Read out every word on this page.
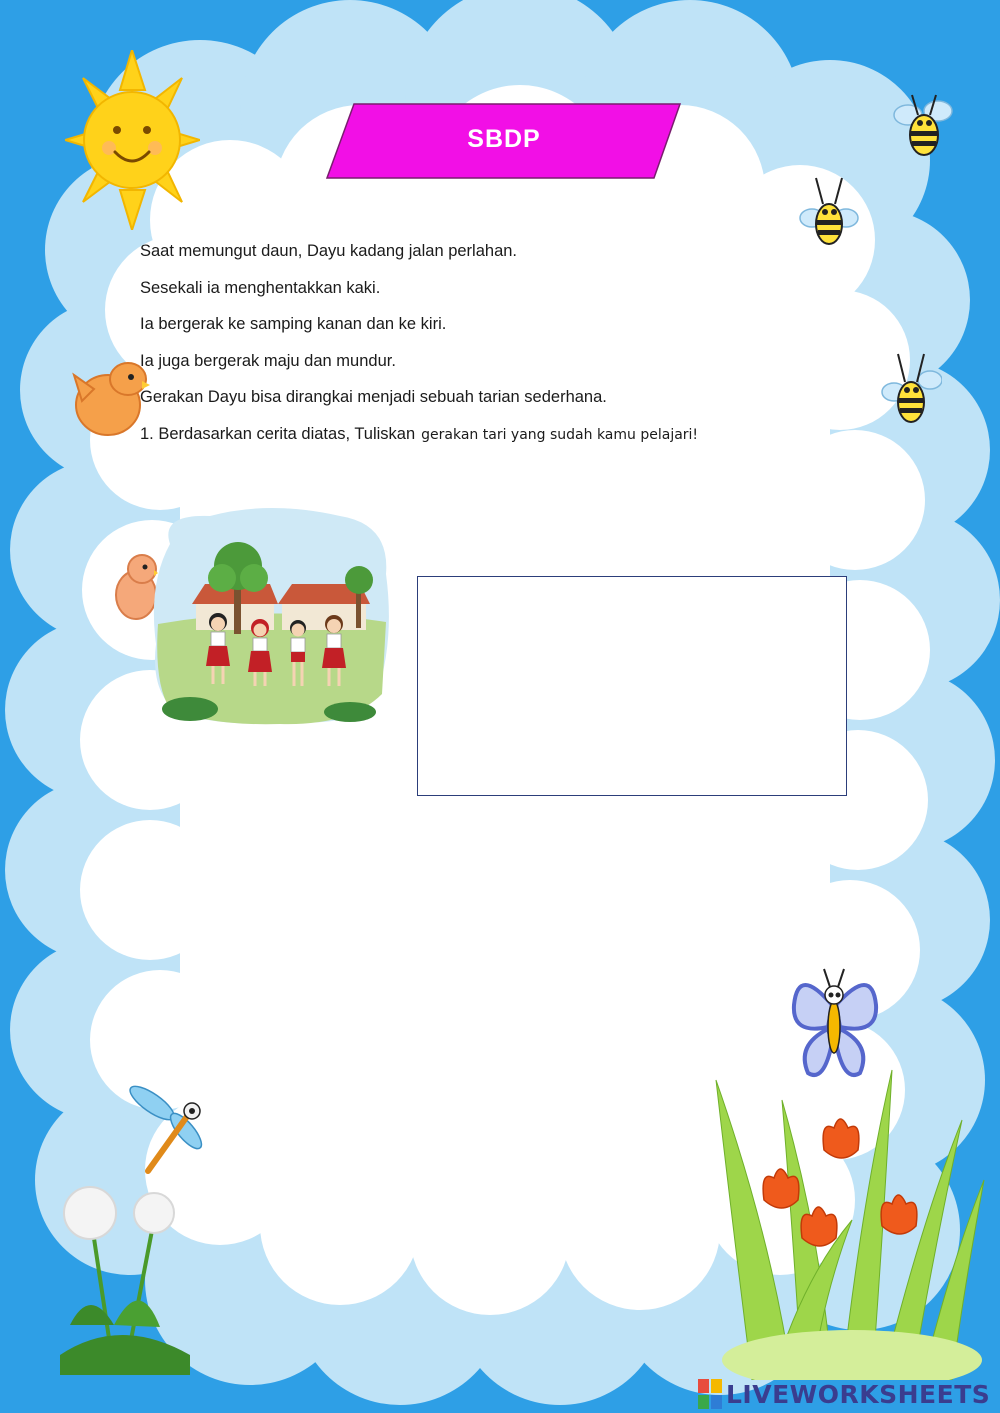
SBDP
Saat memungut daun, Dayu kadang jalan perlahan.
Sesekali ia menghentakkan kaki.
Ia bergerak ke samping kanan dan ke kiri.
Ia juga bergerak maju dan mundur.
Gerakan Dayu bisa dirangkai menjadi sebuah tarian sederhana.
1. Berdasarkan cerita diatas, Tuliskan gerakan tari yang sudah kamu pelajari!
LIVEWORKSHEETS
